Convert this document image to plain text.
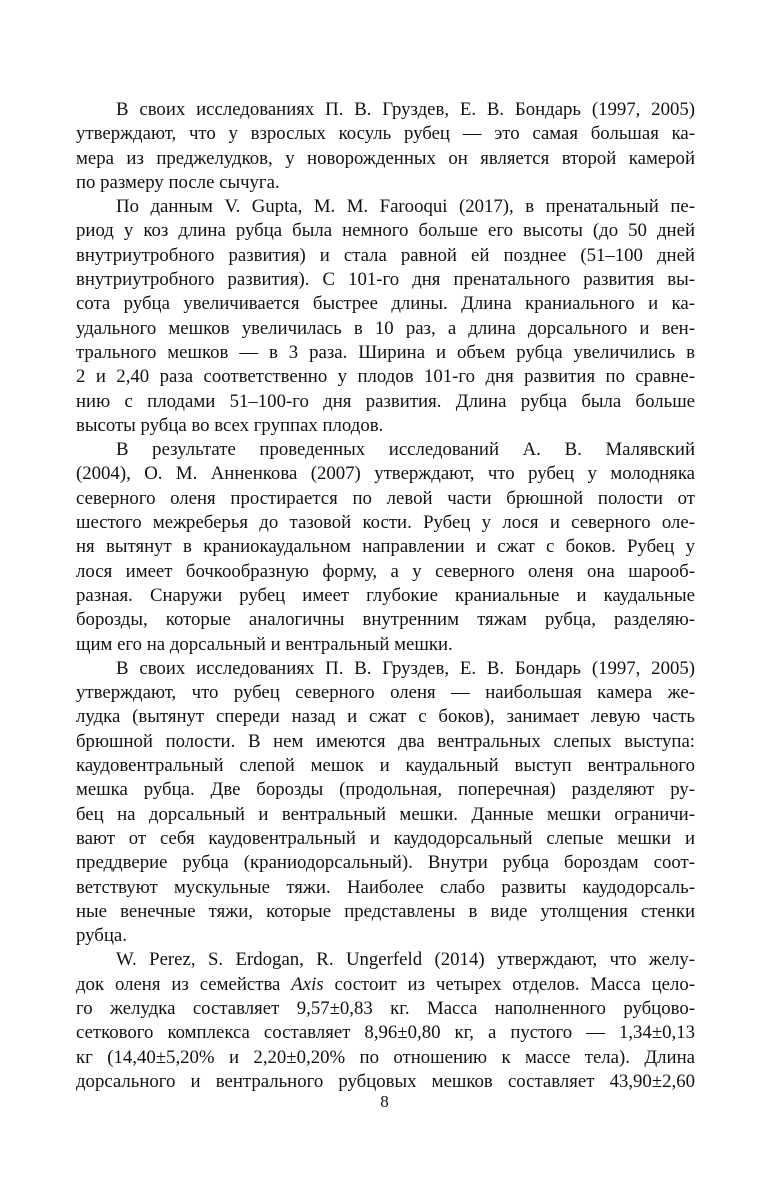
В своих исследованиях П. В. Груздев, Е. В. Бондарь (1997, 2005)
утверждают, что у взрослых косуль рубец — это самая большая ка-
мера из преджелудков, у новорожденных он является второй камерой
по размеру после сычуга.
По данным V. Gupta, M. M. Farooqui (2017), в пренатальный пе-
риод у коз длина рубца была немного больше его высоты (до 50 дней
внутриутробного развития) и стала равной ей позднее (51–100 дней
внутриутробного развития). С 101-го дня пренатального развития вы-
сота рубца увеличивается быстрее длины. Длина краниального и ка-
удального мешков увеличилась в 10 раз, а длина дорсального и вен-
трального мешков — в 3 раза. Ширина и объем рубца увеличились в
2 и 2,40 раза соответственно у плодов 101-го дня развития по сравне-
нию с плодами 51–100-го дня развития. Длина рубца была больше
высоты рубца во всех группах плодов.
В результате проведенных исследований А. В. Малявский
(2004), О. М. Анненкова (2007) утверждают, что рубец у молодняка
северного оленя простирается по левой части брюшной полости от
шестого межреберья до тазовой кости. Рубец у лося и северного оле-
ня вытянут в краниокаудальном направлении и сжат с боков. Рубец у
лося имеет бочкообразную форму, а у северного оленя она шарооб-
разная. Снаружи рубец имеет глубокие краниальные и каудальные
борозды, которые аналогичны внутренним тяжам рубца, разделяю-
щим его на дорсальный и вентральный мешки.
В своих исследованиях П. В. Груздев, Е. В. Бондарь (1997, 2005)
утверждают, что рубец северного оленя — наибольшая камера же-
лудка (вытянут спереди назад и сжат с боков), занимает левую часть
брюшной полости. В нем имеются два вентральных слепых выступа:
каудовентральный слепой мешок и каудальный выступ вентрального
мешка рубца. Две борозды (продольная, поперечная) разделяют ру-
бец на дорсальный и вентральный мешки. Данные мешки ограничи-
вают от себя каудовентральный и каудодорсальный слепые мешки и
преддверие рубца (краниодорсальный). Внутри рубца бороздам соот-
ветствуют мускульные тяжи. Наиболее слабо развиты каудодорсаль-
ные венечные тяжи, которые представлены в виде утолщения стенки
рубца.
W. Perez, S. Erdogan, R. Ungerfeld (2014) утверждают, что желу-
док оленя из семейства Axis состоит из четырех отделов. Масса цело-
го желудка составляет 9,57±0,83 кг. Масса наполненного рубцово-
сеткового комплекса составляет 8,96±0,80 кг, а пустого — 1,34±0,13
кг (14,40±5,20% и 2,20±0,20% по отношению к массе тела). Длина
дорсального и вентрального рубцовых мешков составляет 43,90±2,60
8
